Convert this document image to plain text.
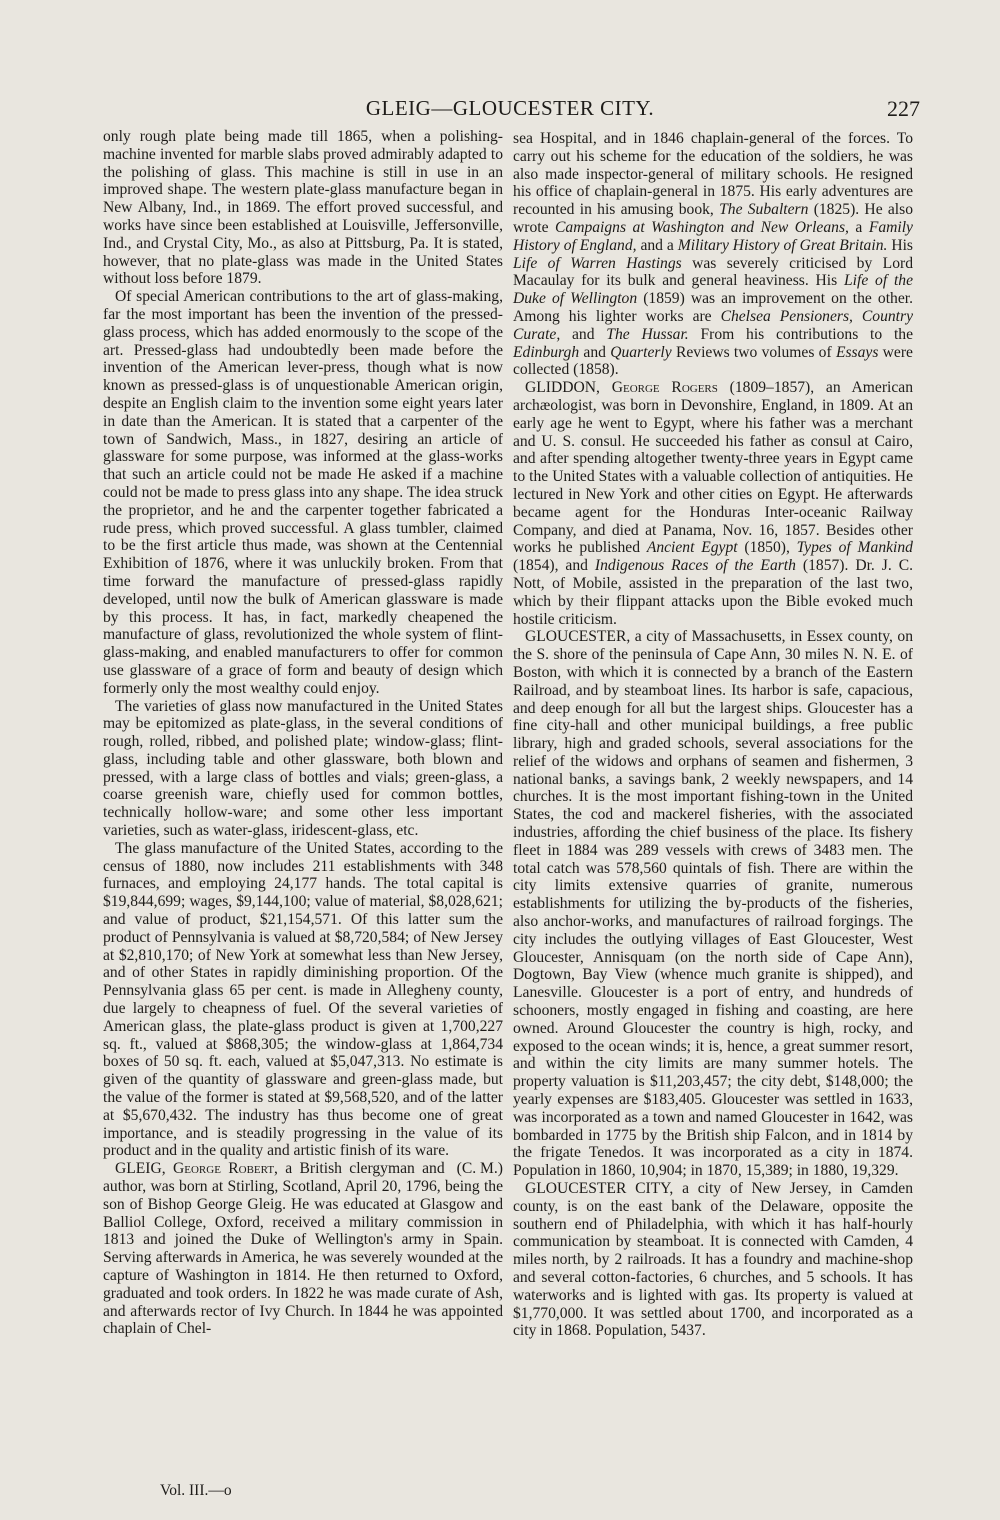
GLEIG—GLOUCESTER CITY.	227

only rough plate being made till 1865, when a polishing-machine invented for marble slabs proved admirably adapted to the polishing of glass. This machine is still in use in an improved shape. The western plate-glass manufacture began in New Albany, Ind., in 1869. The effort proved successful, and works have since been established at Louisville, Jeffersonville, Ind., and Crystal City, Mo., as also at Pittsburg, Pa. It is stated, however, that no plate-glass was made in the United States without loss before 1879.

Of special American contributions to the art of glass-making, far the most important has been the invention of the pressed-glass process, which has added enormously to the scope of the art. Pressed-glass had undoubtedly been made before the invention of the American lever-press, though what is now known as pressed-glass is of unquestionable American origin, despite an English claim to the invention some eight years later in date than the American. It is stated that a carpenter of the town of Sandwich, Mass., in 1827, desiring an article of glassware for some purpose, was informed at the glass-works that such an article could not be made He asked if a machine could not be made to press glass into any shape. The idea struck the proprietor, and he and the carpenter together fabricated a rude press, which proved successful. A glass tumbler, claimed to be the first article thus made, was shown at the Centennial Exhibition of 1876, where it was unluckily broken. From that time forward the manufacture of pressed-glass rapidly developed, until now the bulk of American glassware is made by this process. It has, in fact, markedly cheapened the manufacture of glass, revolutionized the whole system of flint-glass-making, and enabled manufacturers to offer for common use glassware of a grace of form and beauty of design which formerly only the most wealthy could enjoy.

The varieties of glass now manufactured in the United States may be epitomized as plate-glass, in the several conditions of rough, rolled, ribbed, and polished plate; window-glass; flint-glass, including table and other glassware, both blown and pressed, with a large class of bottles and vials; green-glass, a coarse greenish ware, chiefly used for common bottles, technically hollow-ware; and some other less important varieties, such as water-glass, iridescent-glass, etc.

The glass manufacture of the United States, according to the census of 1880, now includes 211 establishments with 348 furnaces, and employing 24,177 hands. The total capital is $19,844,699; wages, $9,144,100; value of material, $8,028,621; and value of product, $21,154,571. Of this latter sum the product of Pennsylvania is valued at $8,720,584; of New Jersey at $2,810,170; of New York at somewhat less than New Jersey, and of other States in rapidly diminishing proportion. Of the Pennsylvania glass 65 per cent. is made in Allegheny county, due largely to cheapness of fuel. Of the several varieties of American glass, the plate-glass product is given at 1,700,227 sq. ft., valued at $868,305; the window-glass at 1,864,734 boxes of 50 sq. ft. each, valued at $5,047,313. No estimate is given of the quantity of glassware and green-glass made, but the value of the former is stated at $9,568,520, and of the latter at $5,670,432. The industry has thus become one of great importance, and is steadily progressing in the value of its product and in the quality and artistic finish of its ware.
(C. M.)

GLEIG, George Robert, a British clergyman and author, was born at Stirling, Scotland, April 20, 1796, being the son of Bishop George Gleig. He was educated at Glasgow and Balliol College, Oxford, received a military commission in 1813 and joined the Duke of Wellington's army in Spain. Serving afterwards in America, he was severely wounded at the capture of Washington in 1814. He then returned to Oxford, graduated and took orders. In 1822 he was made curate of Ash, and afterwards rector of Ivy Church. In 1844 he was appointed chaplain of Chel-

sea Hospital, and in 1846 chaplain-general of the forces. To carry out his scheme for the education of the soldiers, he was also made inspector-general of military schools. He resigned his office of chaplain-general in 1875. His early adventures are recounted in his amusing book, The Subaltern (1825). He also wrote Campaigns at Washington and New Orleans, a Family History of England, and a Military History of Great Britain. His Life of Warren Hastings was severely criticised by Lord Macaulay for its bulk and general heaviness. His Life of the Duke of Wellington (1859) was an improvement on the other. Among his lighter works are Chelsea Pensioners, Country Curate, and The Hussar. From his contributions to the Edinburgh and Quarterly Reviews two volumes of Essays were collected (1858).

GLIDDON, George Rogers (1809–1857), an American archæologist, was born in Devonshire, England, in 1809. At an early age he went to Egypt, where his father was a merchant and U. S. consul. He succeeded his father as consul at Cairo, and after spending altogether twenty-three years in Egypt came to the United States with a valuable collection of antiquities. He lectured in New York and other cities on Egypt. He afterwards became agent for the Honduras Inter-oceanic Railway Company, and died at Panama, Nov. 16, 1857. Besides other works he published Ancient Egypt (1850), Types of Mankind (1854), and Indigenous Races of the Earth (1857). Dr. J. C. Nott, of Mobile, assisted in the preparation of the last two, which by their flippant attacks upon the Bible evoked much hostile criticism.

GLOUCESTER, a city of Massachusetts, in Essex county, on the S. shore of the peninsula of Cape Ann, 30 miles N. N. E. of Boston, with which it is connected by a branch of the Eastern Railroad, and by steamboat lines. Its harbor is safe, capacious, and deep enough for all but the largest ships. Gloucester has a fine city-hall and other municipal buildings, a free public library, high and graded schools, several associations for the relief of the widows and orphans of seamen and fishermen, 3 national banks, a savings bank, 2 weekly newspapers, and 14 churches. It is the most important fishing-town in the United States, the cod and mackerel fisheries, with the associated industries, affording the chief business of the place. Its fishery fleet in 1884 was 289 vessels with crews of 3483 men. The total catch was 578,560 quintals of fish. There are within the city limits extensive quarries of granite, numerous establishments for utilizing the by-products of the fisheries, also anchor-works, and manufactures of railroad forgings. The city includes the outlying villages of East Gloucester, West Gloucester, Annisquam (on the north side of Cape Ann), Dogtown, Bay View (whence much granite is shipped), and Lanesville. Gloucester is a port of entry, and hundreds of schooners, mostly engaged in fishing and coasting, are here owned. Around Gloucester the country is high, rocky, and exposed to the ocean winds; it is, hence, a great summer resort, and within the city limits are many summer hotels. The property valuation is $11,203,457; the city debt, $148,000; the yearly expenses are $183,405. Gloucester was settled in 1633, was incorporated as a town and named Gloucester in 1642, was bombarded in 1775 by the British ship Falcon, and in 1814 by the frigate Tenedos. It was incorporated as a city in 1874. Population in 1860, 10,904; in 1870, 15,389; in 1880, 19,329.

GLOUCESTER CITY, a city of New Jersey, in Camden county, is on the east bank of the Delaware, opposite the southern end of Philadelphia, with which it has half-hourly communication by steamboat. It is connected with Camden, 4 miles north, by 2 railroads. It has a foundry and machine-shop and several cotton-factories, 6 churches, and 5 schools. It has waterworks and is lighted with gas. Its property is valued at $1,770,000. It was settled about 1700, and incorporated as a city in 1868. Population, 5437.

Vol. III.—o
